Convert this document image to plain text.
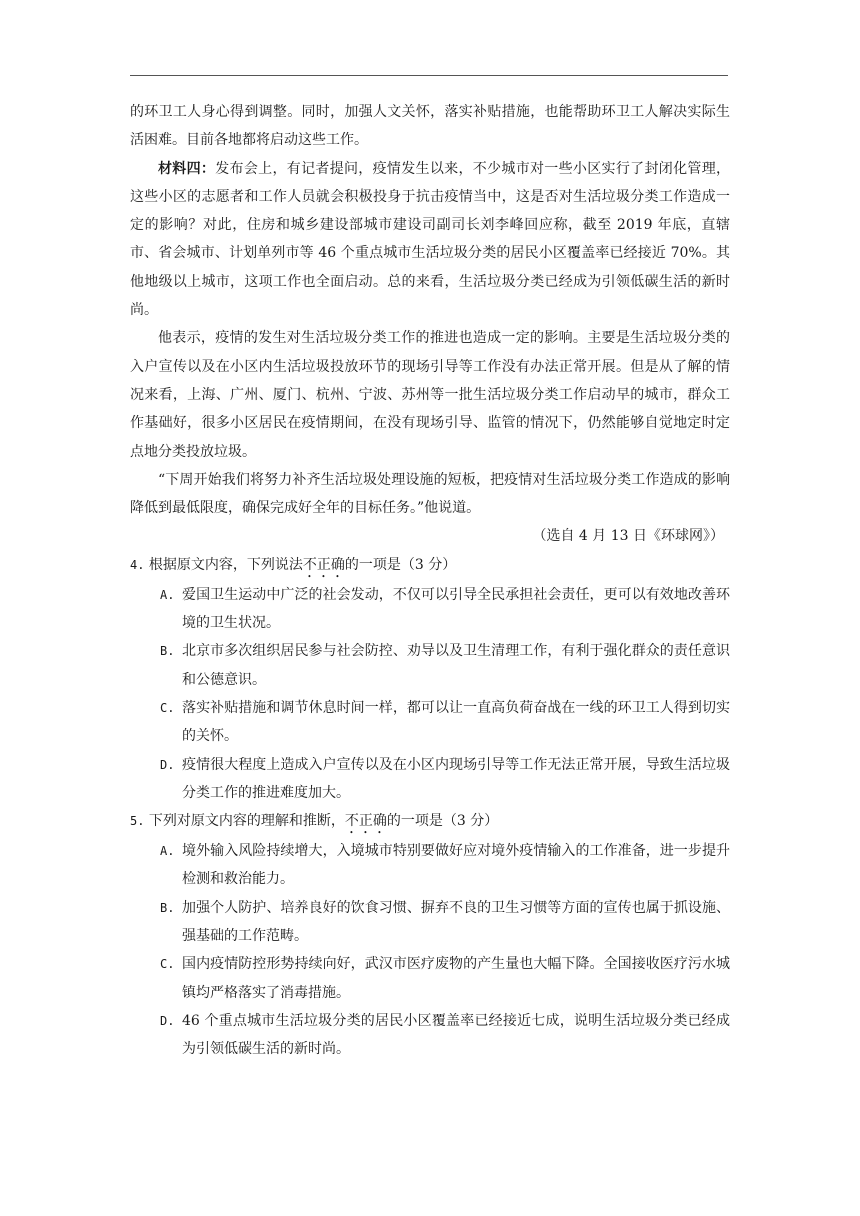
的环卫工人身心得到调整。同时，加强人文关怀，落实补贴措施，也能帮助环卫工人解决实际生活困难。目前各地都将启动这些工作。

材料四：发布会上，有记者提问，疫情发生以来，不少城市对一些小区实行了封闭化管理，这些小区的志愿者和工作人员就会积极投身于抗击疫情当中，这是否对生活垃圾分类工作造成一定的影响？对此，住房和城乡建设部城市建设司副司长刘李峰回应称，截至 2019 年底，直辖市、省会城市、计划单列市等 46 个重点城市生活垃圾分类的居民小区覆盖率已经接近 70%。其他地级以上城市，这项工作也全面启动。总的来看，生活垃圾分类已经成为引领低碳生活的新时尚。

他表示，疫情的发生对生活垃圾分类工作的推进也造成一定的影响。主要是生活垃圾分类的入户宣传以及在小区内生活垃圾投放环节的现场引导等工作没有办法正常开展。但是从了解的情况来看，上海、广州、厦门、杭州、宁波、苏州等一批生活垃圾分类工作启动早的城市，群众工作基础好，很多小区居民在疫情期间，在没有现场引导、监管的情况下，仍然能够自觉地定时定点地分类投放垃圾。

“下周开始我们将努力补齐生活垃圾处理设施的短板，把疫情对生活垃圾分类工作造成的影响降低到最低限度，确保完成好全年的目标任务。”他说道。

（选自 4 月 13 日《环球网》）

4. 根据原文内容，下列说法不正确的一项是（3 分）

A. 爱国卫生运动中广泛的社会发动，不仅可以引导全民承担社会责任，更可以有效地改善环境的卫生状况。

B. 北京市多次组织居民参与社会防控、劝导以及卫生清理工作，有利于强化群众的责任意识和公德意识。

C. 落实补贴措施和调节休息时间一样，都可以让一直高负荷奋战在一线的环卫工人得到切实的关怀。

D. 疫情很大程度上造成入户宣传以及在小区内现场引导等工作无法正常开展，导致生活垃圾分类工作的推进难度加大。

5. 下列对原文内容的理解和推断，不正确的一项是（3 分）

A. 境外输入风险持续增大，入境城市特别要做好应对境外疫情输入的工作准备，进一步提升检测和救治能力。

B. 加强个人防护、培养良好的饮食习惯、摒弃不良的卫生习惯等方面的宣传也属于抓设施、强基础的工作范畴。

C. 国内疫情防控形势持续向好，武汉市医疗废物的产生量也大幅下降。全国接收医疗污水城镇均严格落实了消毒措施。

D. 46 个重点城市生活垃圾分类的居民小区覆盖率已经接近七成，说明生活垃圾分类已经成为引领低碳生活的新时尚。
